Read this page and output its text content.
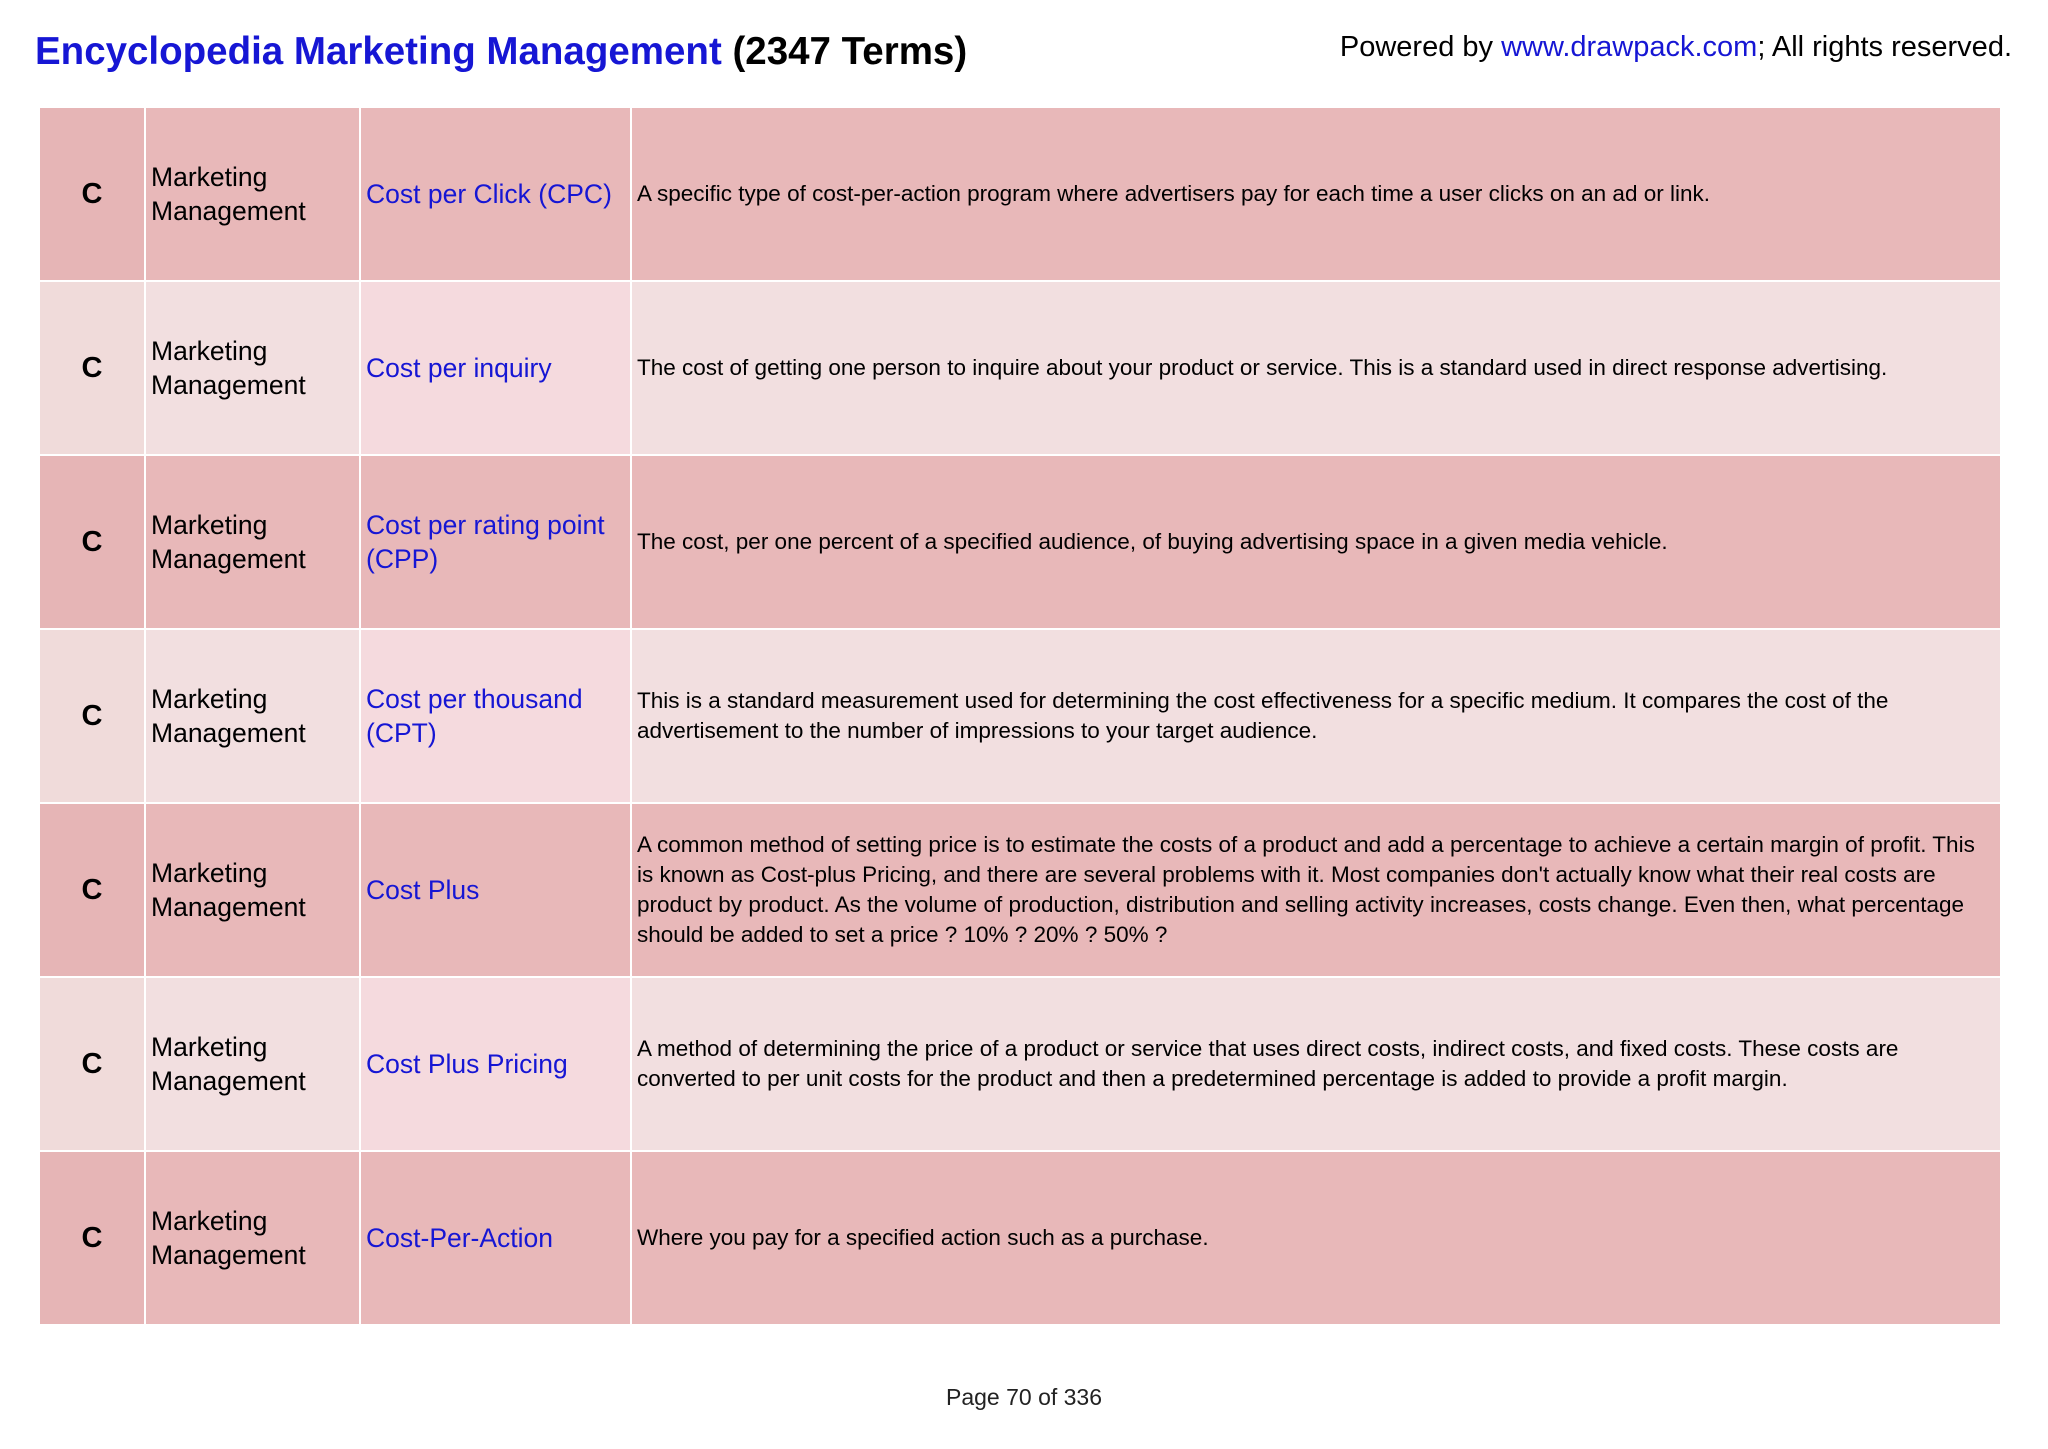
Encyclopedia Marketing Management (2347 Terms)	Powered by www.drawpack.com; All rights reserved.
C	Marketing Management	Cost per Click (CPC)	A specific type of cost-per-action program where advertisers pay for each time a user clicks on an ad or link.
C	Marketing Management	Cost per inquiry	The cost of getting one person to inquire about your product or service. This is a standard used in direct response advertising.
C	Marketing Management	Cost per rating point (CPP)	The cost, per one percent of a specified audience, of buying advertising space in a given media vehicle.
C	Marketing Management	Cost per thousand (CPT)	This is a standard measurement used for determining the cost effectiveness for a specific medium. It compares the cost of the advertisement to the number of impressions to your target audience.
C	Marketing Management	Cost Plus	A common method of setting price is to estimate the costs of a product and add a percentage to achieve a certain margin of profit. This is known as Cost-plus Pricing, and there are several problems with it. Most companies don't actually know what their real costs are product by product. As the volume of production, distribution and selling activity increases, costs change. Even then, what percentage should be added to set a price ? 10% ? 20% ? 50% ?
C	Marketing Management	Cost Plus Pricing	A method of determining the price of a product or service that uses direct costs, indirect costs, and fixed costs. These costs are converted to per unit costs for the product and then a predetermined percentage is added to provide a profit margin.
C	Marketing Management	Cost-Per-Action	Where you pay for a specified action such as a purchase.
Page 70 of 336
